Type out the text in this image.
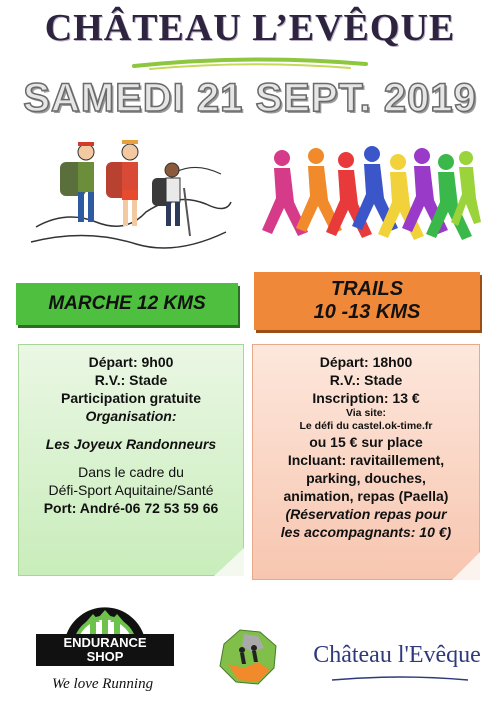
CHÂTEAU L’EVÊQUE
SAMEDI 21 SEPT. 2019
MARCHE 12 KMS
TRAILS
10 -13 KMS
Départ: 9h00
R.V.: Stade
Participation gratuite
Organisation:
Les Joyeux Randonneurs
Dans le cadre du
Défi-Sport Aquitaine/Santé
Port: André-06 72 53 59 66
Départ: 18h00
R.V.: Stade
Inscription: 13 €
Via site:
Le défi du castel.ok-time.fr
ou 15 € sur place
Incluant: ravitaillement,
parking, douches,
animation, repas (Paella)
(Réservation repas pour
les accompagnants: 10 €)
ENDURANCE
SHOP
We love Running
Château l'Evêque
